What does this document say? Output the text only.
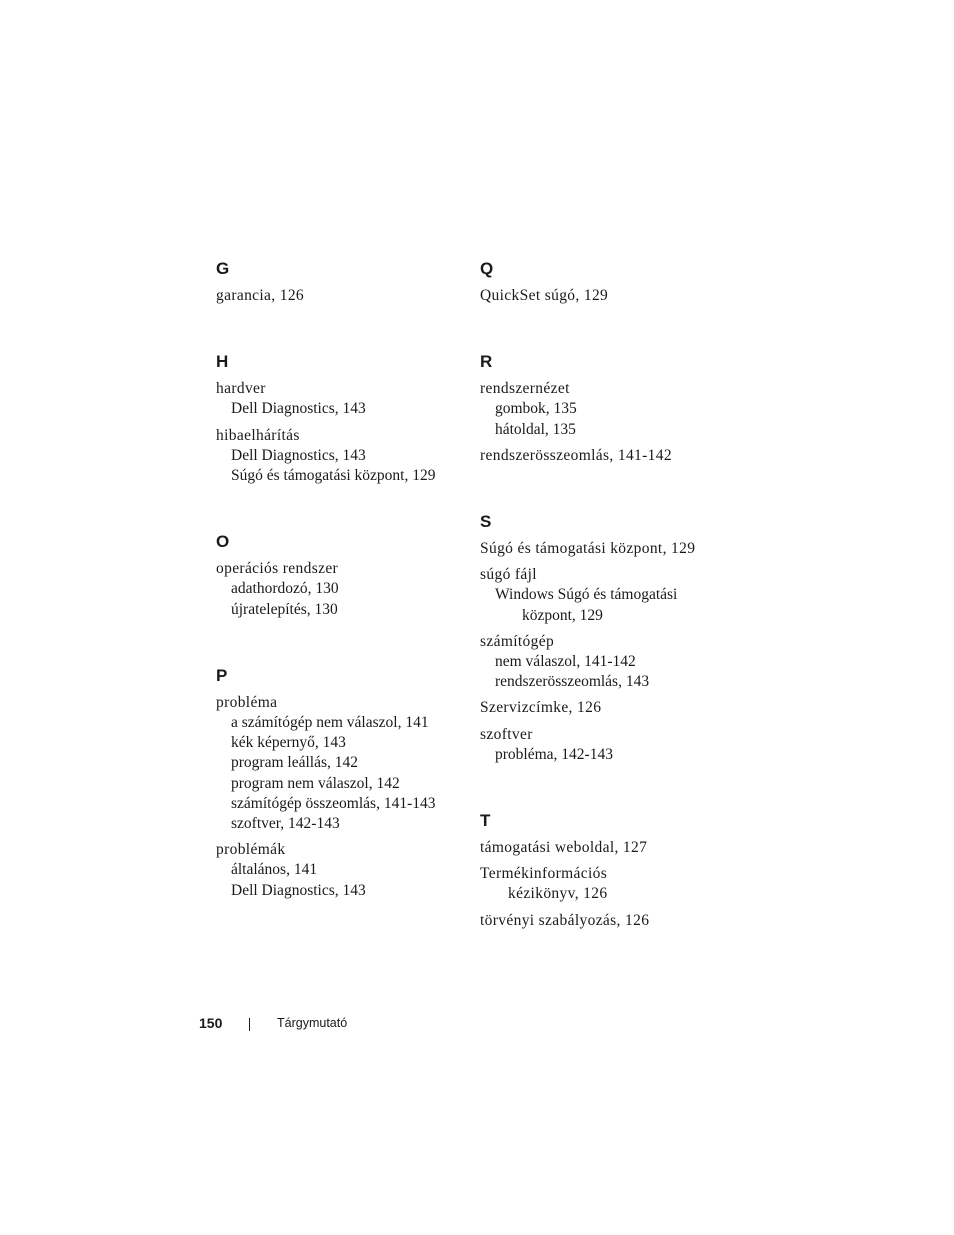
G
garancia, 126
H
hardver
Dell Diagnostics, 143
hibaelhárítás
Dell Diagnostics, 143
Súgó és támogatási központ, 129
O
operációs rendszer
adathordozó, 130
újratelepítés, 130
P
probléma
a számítógép nem válaszol, 141
kék képernyő, 143
program leállás, 142
program nem válaszol, 142
számítógép összeomlás, 141-143
szoftver, 142-143
problémák
általános, 141
Dell Diagnostics, 143
Q
QuickSet súgó, 129
R
rendszernézet
gombok, 135
hátoldal, 135
rendszerösszeomlás, 141-142
S
Súgó és támogatási központ, 129
súgó fájl
Windows Súgó és támogatási
központ, 129
számítógép
nem válaszol, 141-142
rendszerösszeomlás, 143
Szervizcímke, 126
szoftver
probléma, 142-143
T
támogatási weboldal, 127
Termékinformációs
kézikönyv, 126
törvényi szabályozás, 126
150	Tárgymutató
